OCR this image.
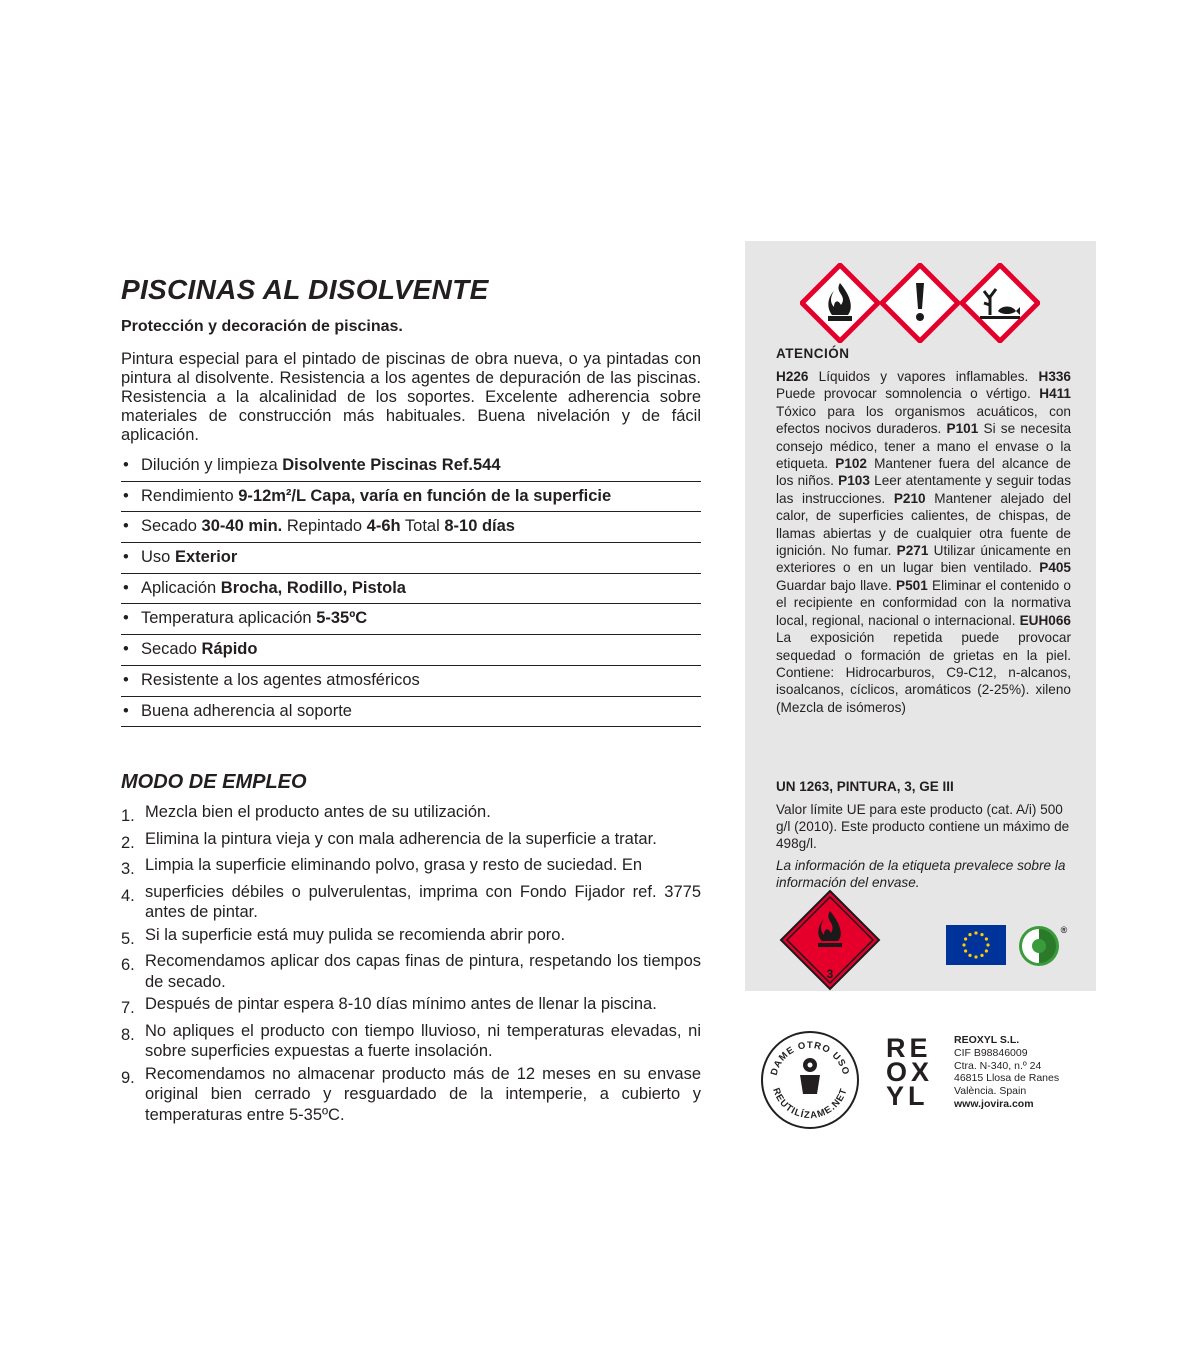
PISCINAS AL DISOLVENTE

Protección y decoración de piscinas.

Pintura especial para el pintado de piscinas de obra nueva, o ya pintadas con pintura al disolvente. Resistencia a los agentes de depuración de las piscinas. Resistencia a la alcalinidad de los soportes. Excelente adherencia sobre materiales de construcción más habituales. Buena nivelación y de fácil aplicación.

• Dilución y limpieza Disolvente Piscinas Ref.544
• Rendimiento 9-12m²/L Capa, varía en función de la superficie
• Secado 30-40 min. Repintado 4-6h Total 8-10 días
• Uso Exterior
• Aplicación Brocha, Rodillo, Pistola
• Temperatura aplicación 5-35ºC
• Secado Rápido
• Resistente a los agentes atmosféricos
• Buena adherencia al soporte
MODO DE EMPLEO
1. Mezcla bien el producto antes de su utilización.
2. Elimina la pintura vieja y con mala adherencia de la superficie a tratar.
3. Limpia la superficie eliminando polvo, grasa y resto de suciedad. En
4. superficies débiles o pulverulentas, imprima con Fondo Fijador ref. 3775 antes de pintar.
5. Si la superficie está muy pulida se recomienda abrir poro.
6. Recomendamos aplicar dos capas finas de pintura, respetando los tiempos de secado.
7. Después de pintar espera 8-10 días mínimo antes de llenar la piscina.
8. No apliques el producto con tiempo lluvioso, ni temperaturas elevadas, ni sobre superficies expuestas a fuerte insolación.
9. Recomendamos no almacenar producto más de 12 meses en su envase original bien cerrado y resguardado de la intemperie, a cubierto y temperaturas entre 5-35ºC.
ATENCIÓN
H226 Líquidos y vapores inflamables. H336 Puede provocar somnolencia o vértigo. H411 Tóxico para los organismos acuáticos, con efectos nocivos duraderos. P101 Si se necesita consejo médico, tener a mano el envase o la etiqueta. P102 Mantener fuera del alcance de los niños. P103 Leer atentamente y seguir todas las instrucciones. P210 Mantener alejado del calor, de superficies calientes, de chispas, de llamas abiertas y de cualquier otra fuente de ignición. No fumar. P271 Utilizar únicamente en exteriores o en un lugar bien ventilado. P405 Guardar bajo llave. P501 Eliminar el contenido o el recipiente en conformidad con la normativa local, regional, nacional o internacional. EUH066 La exposición repetida puede provocar sequedad o formación de grietas en la piel. Contiene: Hidrocarburos, C9-C12, n-alcanos, isoalcanos, cíclicos, aromáticos (2-25%). xileno (Mezcla de isómeros)
UN 1263, PINTURA, 3, GE III
Valor límite UE para este producto (cat. A/i) 500 g/l (2010). Este producto contiene un máximo de 498g/l.
La información de la etiqueta prevalece sobre la información del envase.
3
®
DAME OTRO USO
REUTILÍZAME.NET
RE
OX
YL
REOXYL S.L.
CIF B98846009
Ctra. N-340, n.º 24
46815 Llosa de Ranes
València. Spain
www.jovira.com
